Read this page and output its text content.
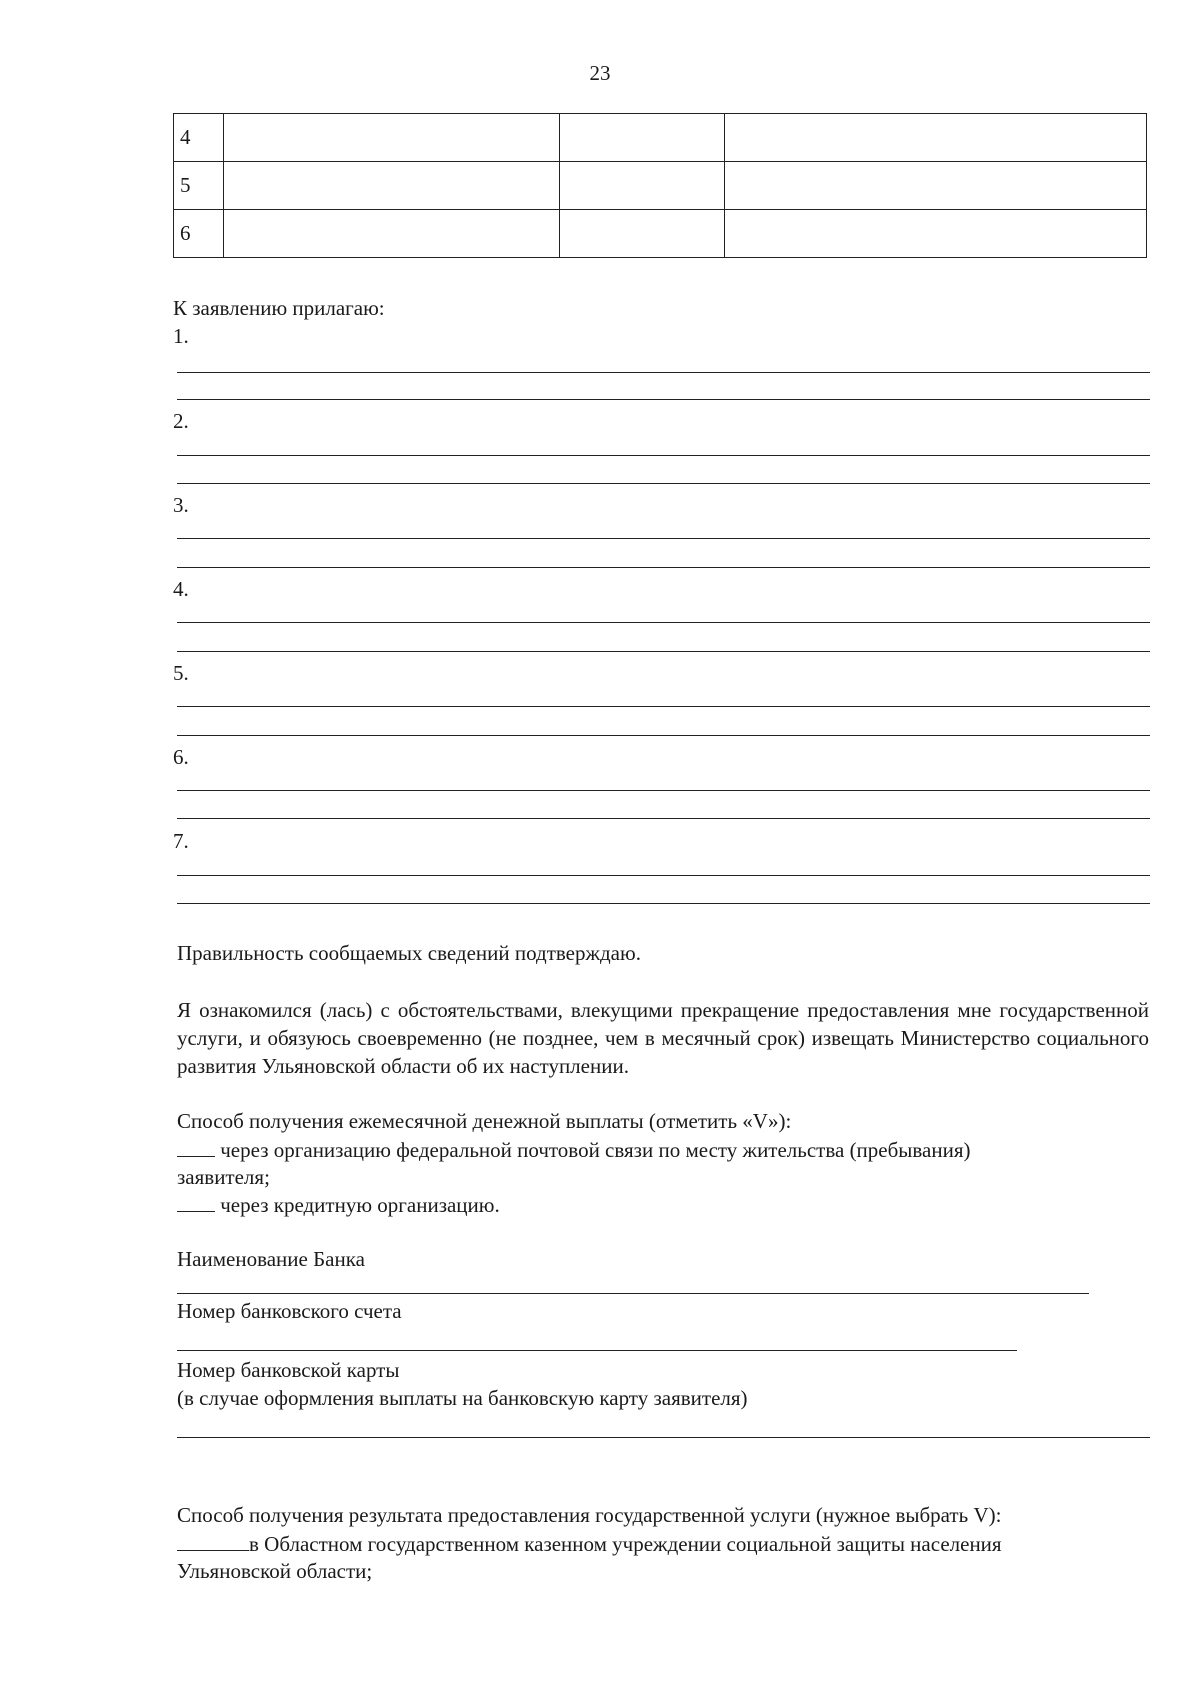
23
4			
5			
6			
К заявлению прилагаю:
1.
2.
3.
4.
5.
6.
7.
Правильность сообщаемых сведений подтверждаю.
Я ознакомился (лась) с обстоятельствами, влекущими прекращение предоставления мне государственной услуги, и обязуюсь своевременно (не позднее, чем в месячный срок) извещать Министерство социального развития Ульяновской области об их наступлении.
Способ получения ежемесячной денежной выплаты (отметить «V»):
через организацию федеральной почтовой связи по месту жительства (пребывания)
заявителя;
через кредитную организацию.
Наименование Банка
Номер банковского счета
Номер банковской карты
(в случае оформления выплаты на банковскую карту заявителя)
Способ получения результата предоставления государственной услуги (нужное выбрать V):
в Областном государственном казенном учреждении социальной защиты населения
Ульяновской области;
